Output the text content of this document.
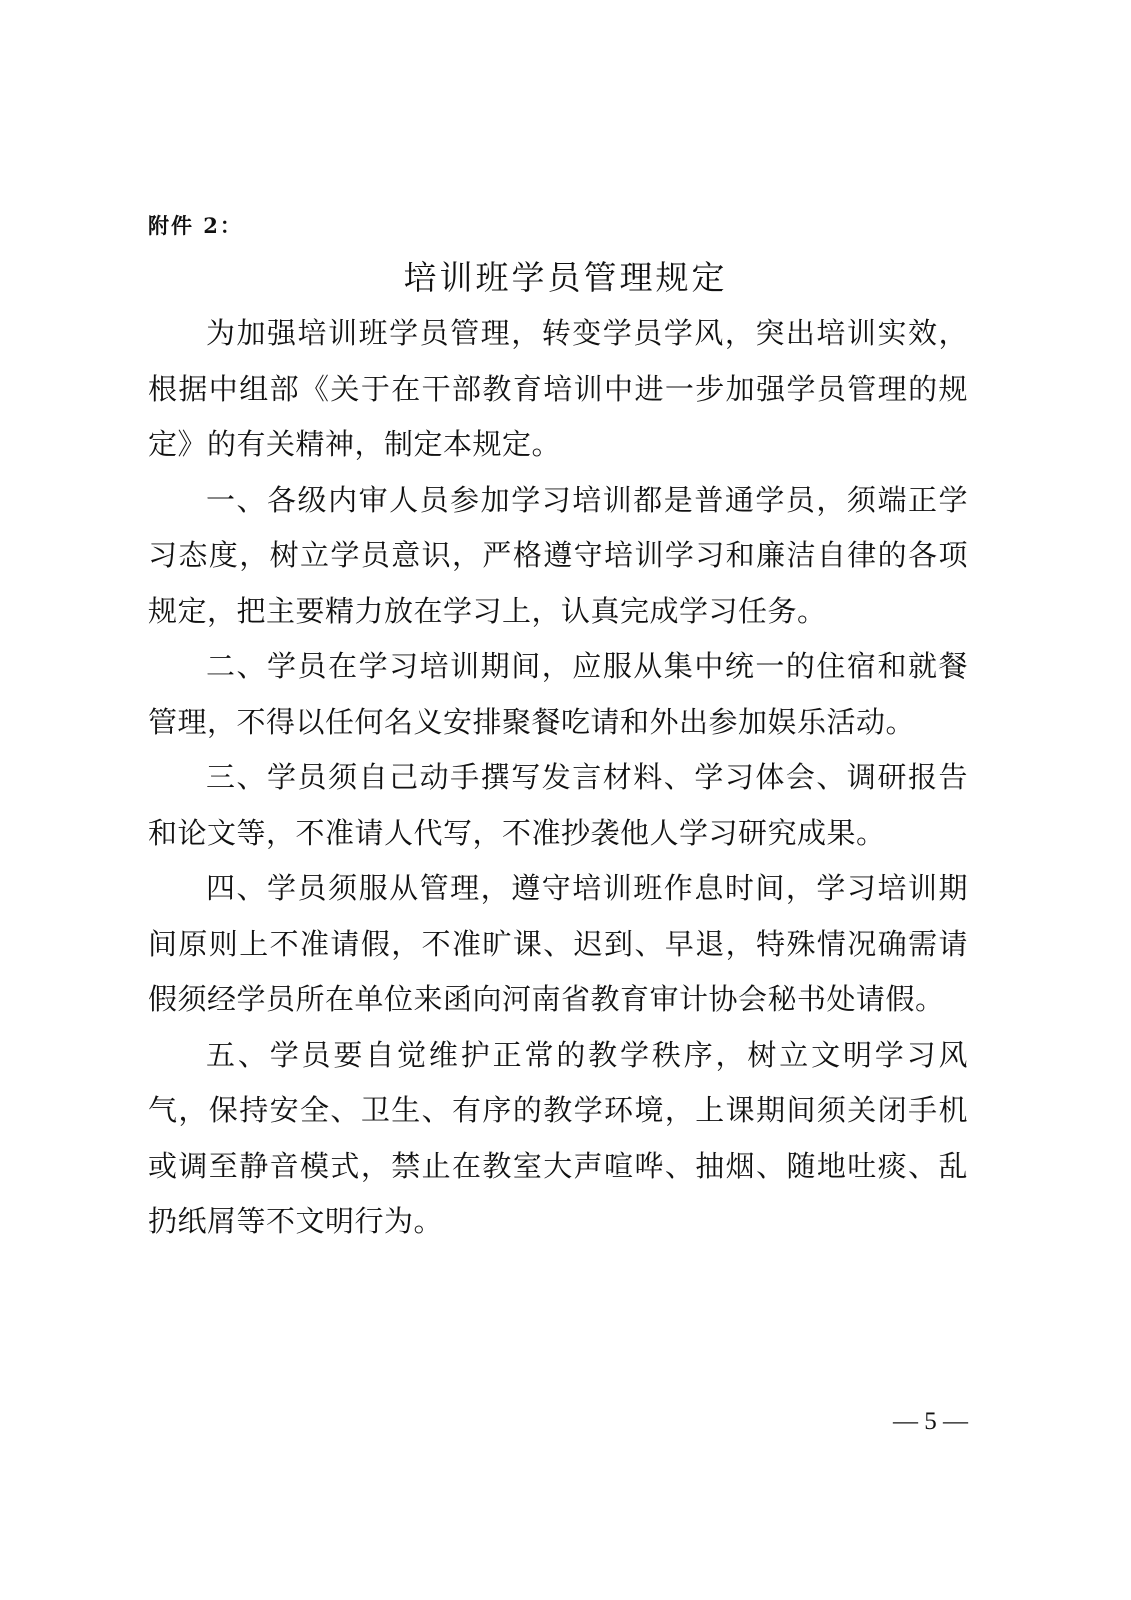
附件 2：
培训班学员管理规定

为加强培训班学员管理，转变学员学风，突出培训实效，根据中组部《关于在干部教育培训中进一步加强学员管理的规定》的有关精神，制定本规定。

一、各级内审人员参加学习培训都是普通学员，须端正学习态度，树立学员意识，严格遵守培训学习和廉洁自律的各项规定，把主要精力放在学习上，认真完成学习任务。

二、学员在学习培训期间，应服从集中统一的住宿和就餐管理，不得以任何名义安排聚餐吃请和外出参加娱乐活动。

三、学员须自己动手撰写发言材料、学习体会、调研报告和论文等，不准请人代写，不准抄袭他人学习研究成果。

四、学员须服从管理，遵守培训班作息时间，学习培训期间原则上不准请假，不准旷课、迟到、早退，特殊情况确需请假须经学员所在单位来函向河南省教育审计协会秘书处请假。

五、学员要自觉维护正常的教学秩序，树立文明学习风气，保持安全、卫生、有序的教学环境，上课期间须关闭手机或调至静音模式，禁止在教室大声喧哗、抽烟、随地吐痰、乱扔纸屑等不文明行为。

— 5 —
